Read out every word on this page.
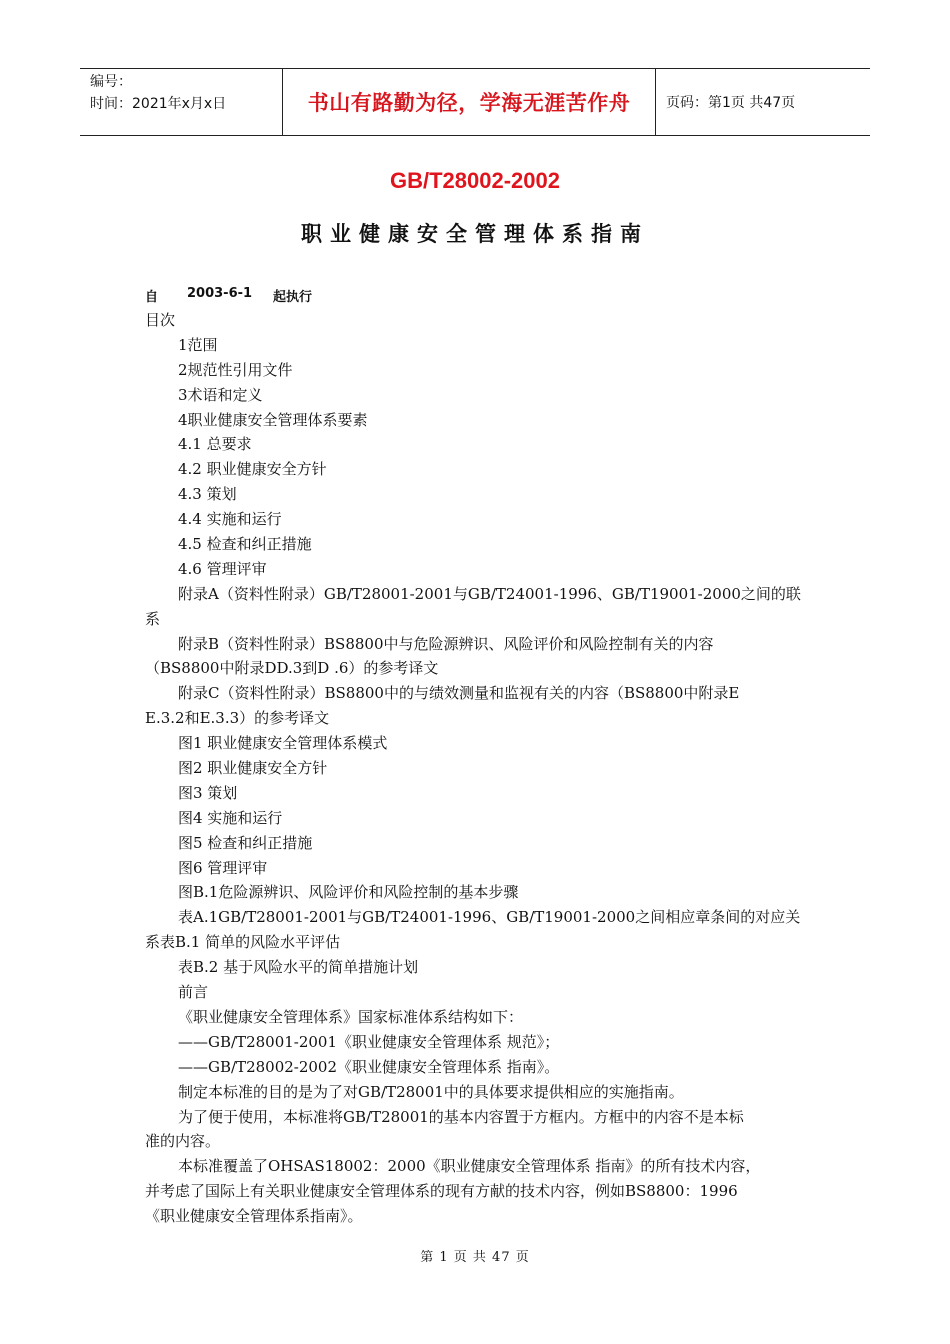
编号：
时间：2021年x月x日	书山有路勤为径，学海无涯苦作舟	页码：第1页 共47页
GB/T28002-2002
职业健康安全管理体系指南
自	2003-6-1	起执行
目次
1范围
2规范性引用文件
3术语和定义
4职业健康安全管理体系要素
4.1 总要求
4.2 职业健康安全方针
4.3 策划
4.4 实施和运行
4.5 检查和纠正措施
4.6 管理评审
附录A（资料性附录）GB/T28001-2001与GB/T24001-1996、GB/T19001-2000之间的联
系
附录B（资料性附录）BS8800中与危险源辨识、风险评价和风险控制有关的内容
（BS8800中附录DD.3到D .6）的参考译文
附录C（资料性附录）BS8800中的与绩效测量和监视有关的内容（BS8800中附录E
E.3.2和E.3.3）的参考译文
图1 职业健康安全管理体系模式
图2 职业健康安全方针
图3 策划
图4 实施和运行
图5 检查和纠正措施
图6 管理评审
图B.1危险源辨识、风险评价和风险控制的基本步骤
表A.1GB/T28001-2001与GB/T24001-1996、GB/T19001-2000之间相应章条间的对应关
系表B.1 简单的风险水平评估
表B.2 基于风险水平的简单措施计划
前言
《职业健康安全管理体系》国家标准体系结构如下：
——GB/T28001-2001《职业健康安全管理体系 规范》；
——GB/T28002-2002《职业健康安全管理体系 指南》。
制定本标准的目的是为了对GB/T28001中的具体要求提供相应的实施指南。
为了便于使用，本标准将GB/T28001的基本内容置于方框内。方框中的内容不是本标
准的内容。
本标准覆盖了OHSAS18002：2000《职业健康安全管理体系 指南》的所有技术内容，
并考虑了国际上有关职业健康安全管理体系的现有方献的技术内容，例如BS8800：1996
《职业健康安全管理体系指南》。
第 1 页 共 47 页
